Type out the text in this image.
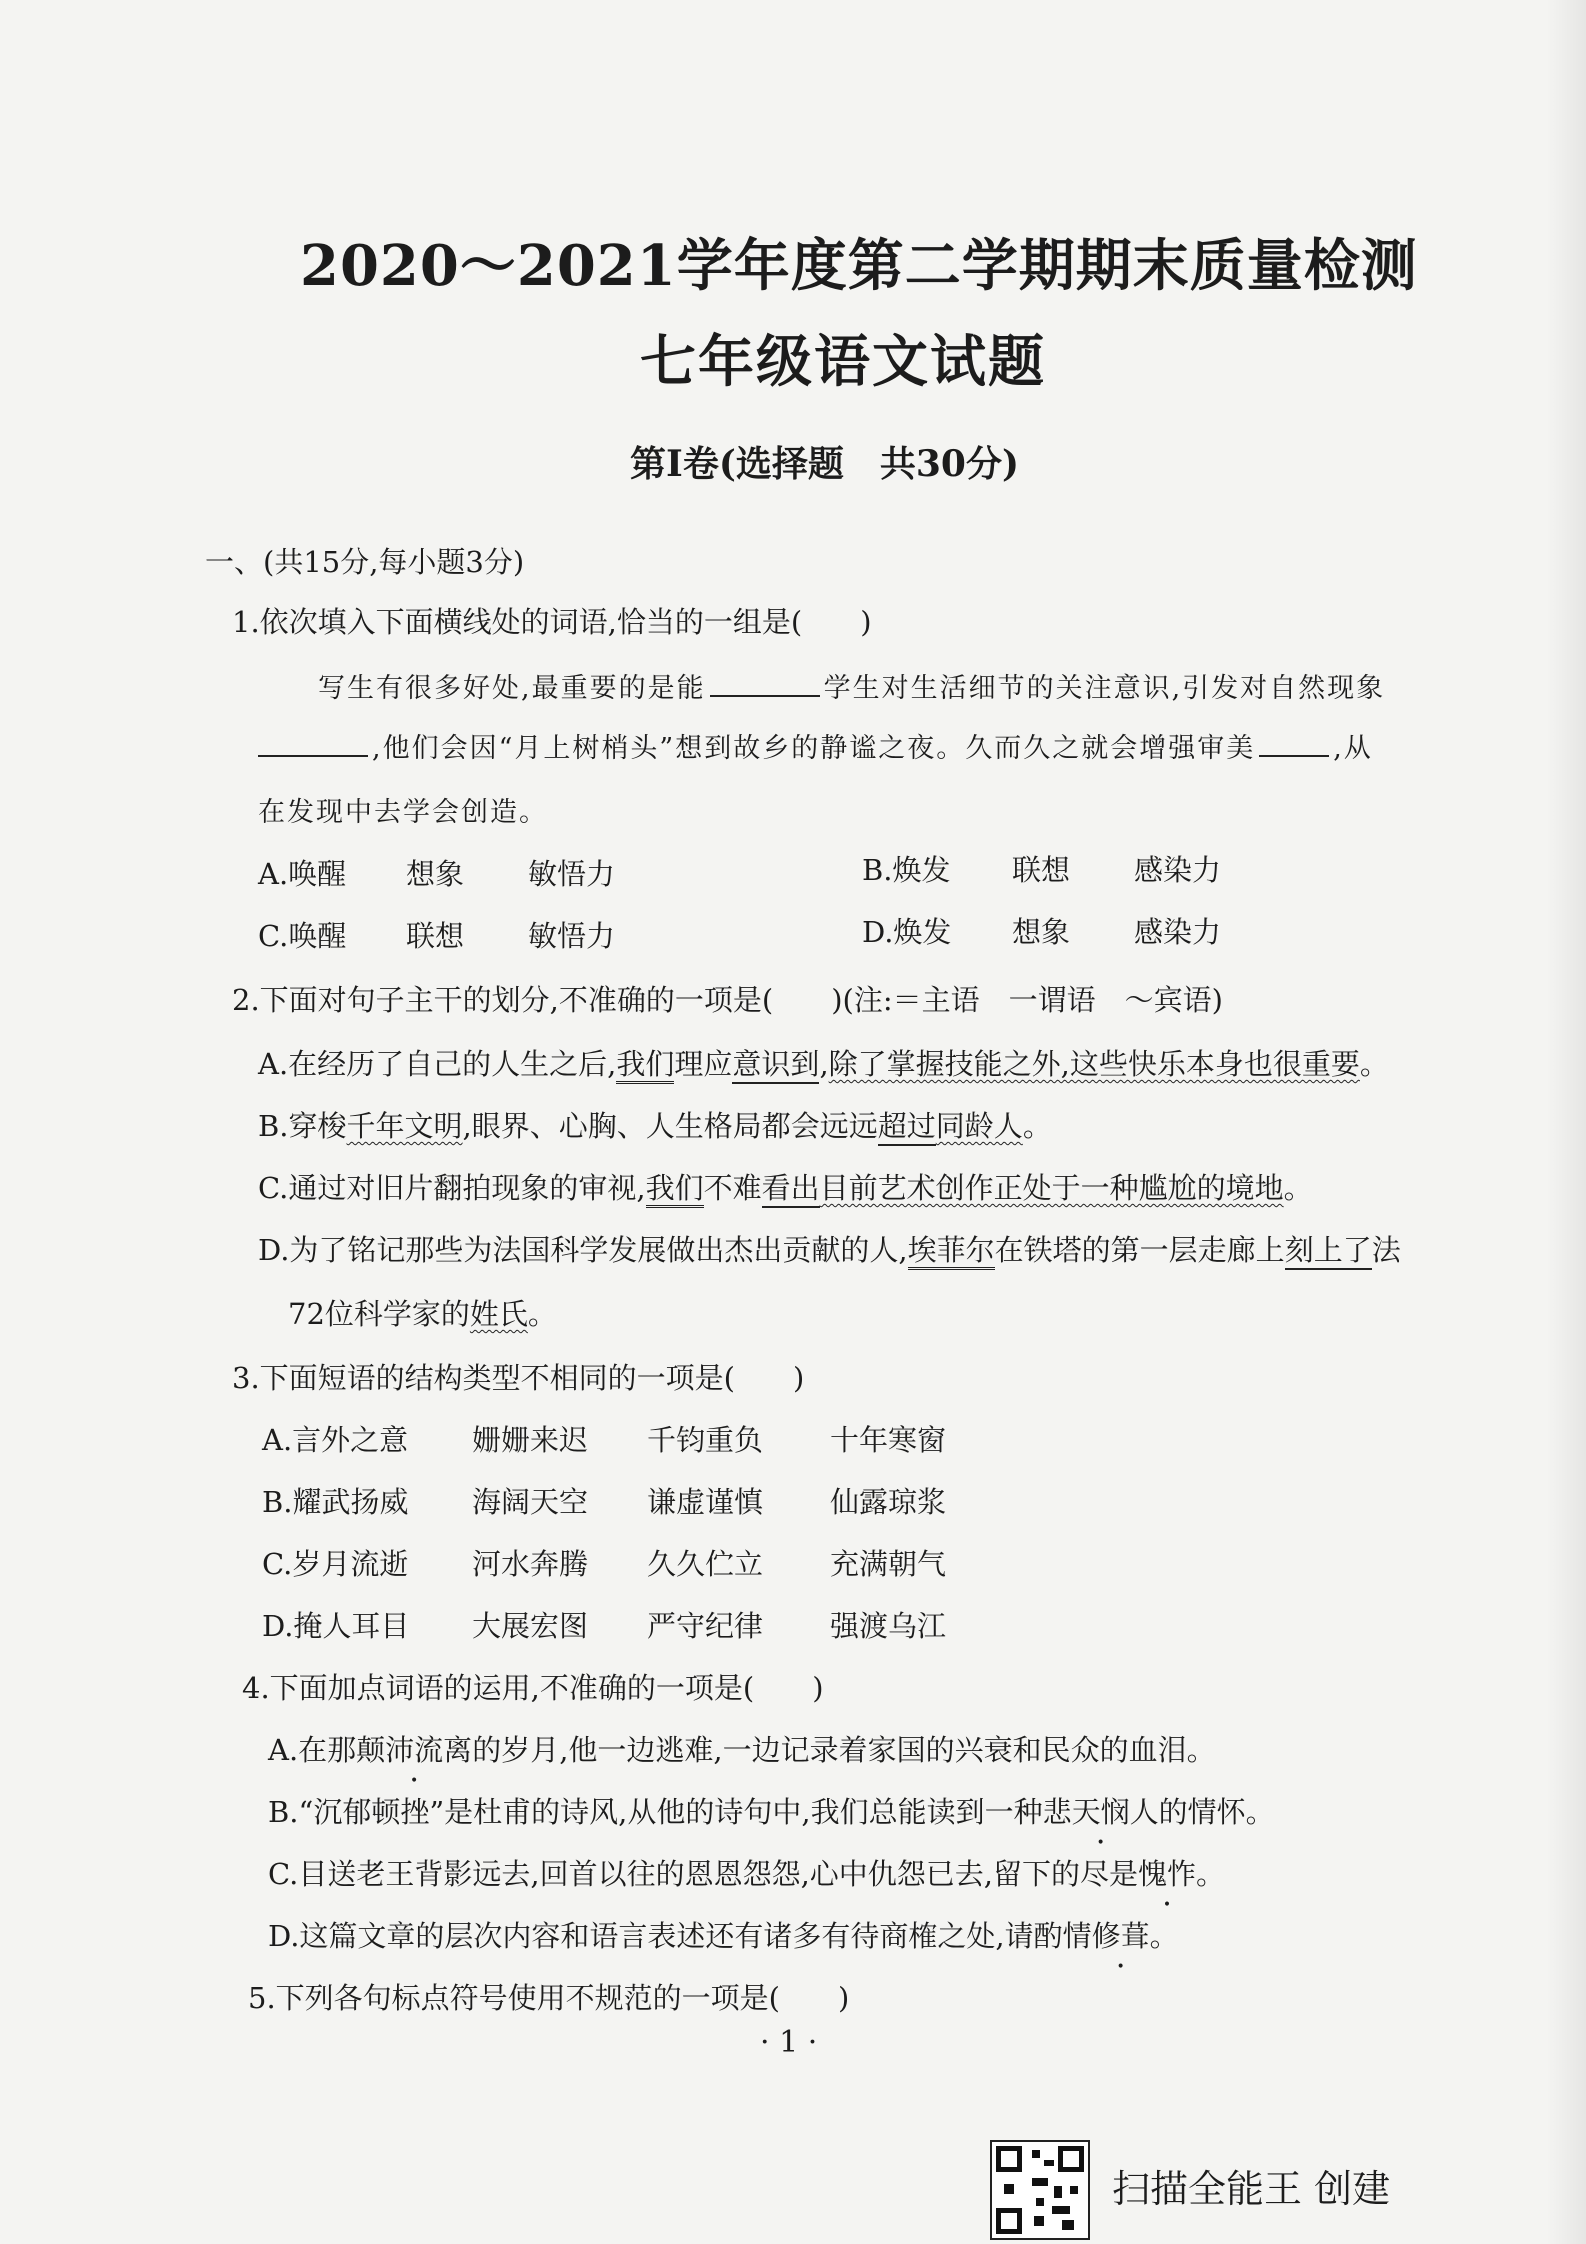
2020～2021学年度第二学期期末质量检测
七年级语文试题
第Ⅰ卷(选择题　共30分)
一、(共15分,每小题3分)
1.依次填入下面横线处的词语,恰当的一组是(　　)
写生有很多好处,最重要的是能	学生对生活细节的关注意识,引发对自然现象
,他们会因“月上树梢头”想到故乡的静谧之夜。久而久之就会增强审美	,从
在发现中去学会创造。
A.唤醒 想象 敏悟力	B.焕发 联想 感染力
C.唤醒 联想 敏悟力	D.焕发 想象 感染力
2.下面对句子主干的划分,不准确的一项是(　　)(注:＝主语　一谓语　～宾语)
A.在经历了自己的人生之后,我们理应意识到,除了掌握技能之外,这些快乐本身也很重要。
B.穿梭千年文明,眼界、心胸、人生格局都会远远超过同龄人。
C.通过对旧片翻拍现象的审视,我们不难看出目前艺术创作正处于一种尴尬的境地。
D.为了铭记那些为法国科学发展做出杰出贡献的人,埃菲尔在铁塔的第一层走廊上刻上了法
72位科学家的姓氏。
3.下面短语的结构类型不相同的一项是(　　)
A.言外之意 姗姗来迟 千钧重负 十年寒窗
B.耀武扬威 海阔天空 谦虚谨慎 仙露琼浆
C.岁月流逝 河水奔腾 久久伫立 充满朝气
D.掩人耳目 大展宏图 严守纪律 强渡乌江
4.下面加点词语的运用,不准确的一项是(　　)
A.在那颠沛流离的岁月,他一边逃难,一边记录着家国的兴衰和民众的血泪。
B.“沉郁顿挫”是杜甫的诗风,从他的诗句中,我们总能读到一种悲天悯人的情怀。
C.目送老王背影远去,回首以往的恩恩怨怨,心中仇怨已去,留下的尽是愧怍。
D.这篇文章的层次内容和语言表述还有诸多有待商榷之处,请酌情修葺。
5.下列各句标点符号使用不规范的一项是(　　)
· 1 ·
扫描全能王 创建
